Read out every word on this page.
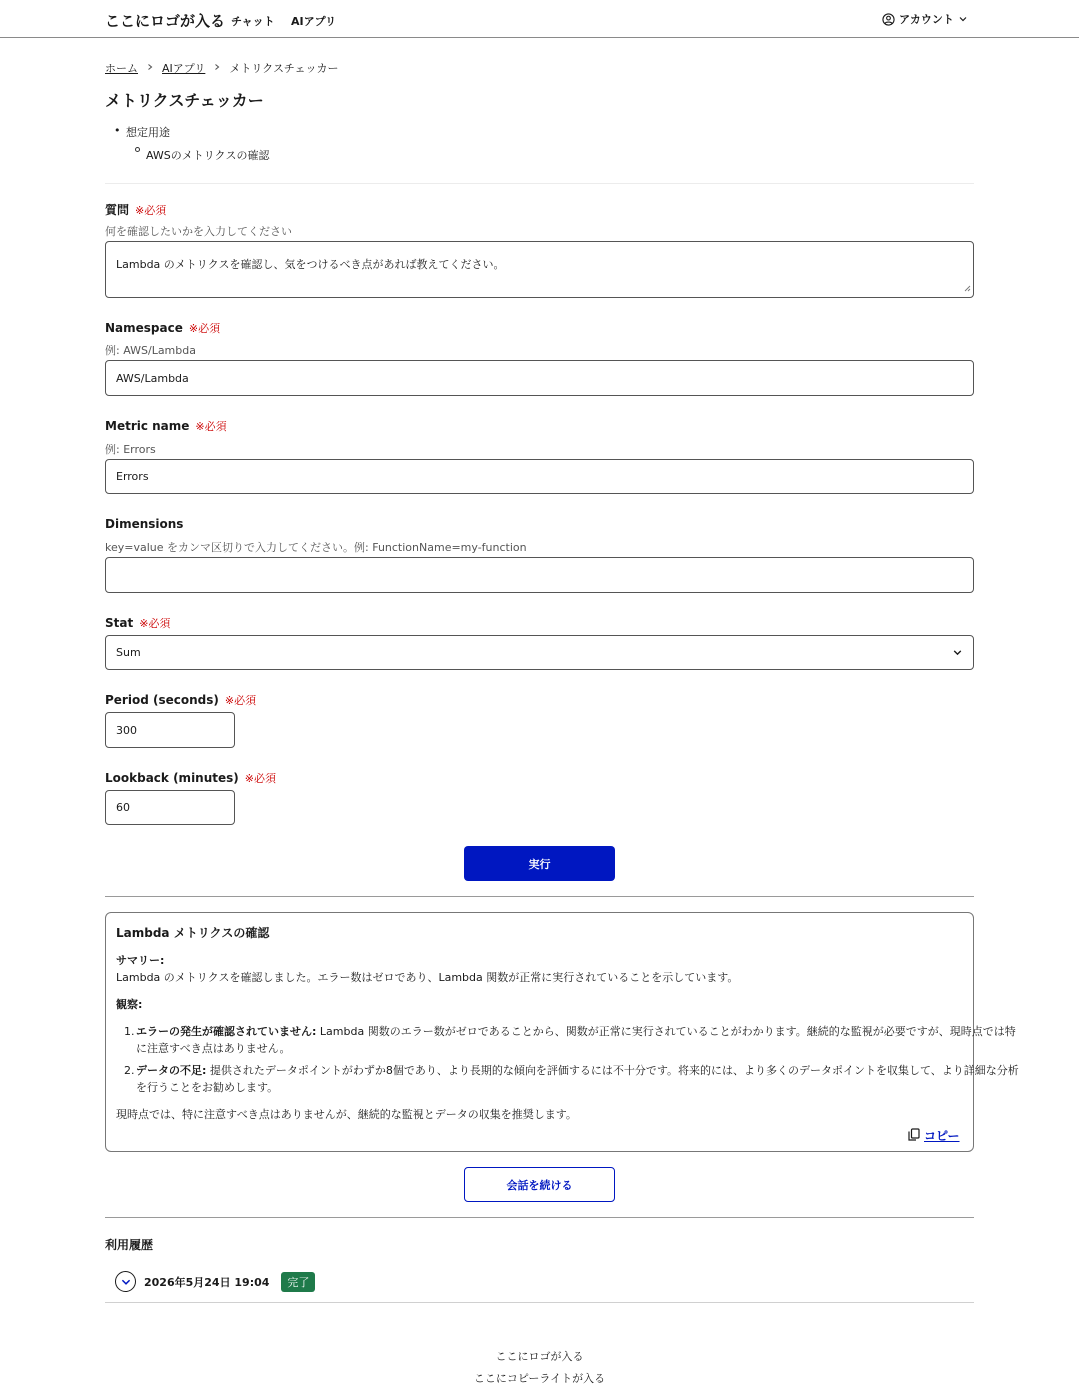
ここにロゴが入る チャット AIアプリ	アカウント
ホーム AIアプリ メトリクスチェッカー
メトリクスチェッカー
• 想定用途
AWSのメトリクスの確認
質問 ※必須
何を確認したいかを入力してください
Lambda のメトリクスを確認し、気をつけるべき点があれば教えてください。
Namespace ※必須
例: AWS/Lambda
AWS/Lambda
Metric name ※必須
例: Errors
Errors
Dimensions
key=value をカンマ区切りで入力してください。例: FunctionName=my-function
Stat ※必須
Sum
Period (seconds) ※必須
300
Lookback (minutes) ※必須
60
実行
Lambda メトリクスの確認
サマリー:
Lambda のメトリクスを確認しました。エラー数はゼロであり、Lambda 関数が正常に実行されていることを示しています。
観察:
1. エラーの発生が確認されていません: Lambda 関数のエラー数がゼロであることから、関数が正常に実行されていることがわかります。継続的な監視が必要ですが、現時点では特
に注意すべき点はありません。
2. データの不足: 提供されたデータポイントがわずか8個であり、より長期的な傾向を評価するには不十分です。将来的には、より多くのデータポイントを収集して、より詳細な分析
を行うことをお勧めします。
現時点では、特に注意すべき点はありませんが、継続的な監視とデータの収集を推奨します。
コピー
会話を続ける
利用履歴
2026年5月24日 19:04	完了
ここにロゴが入る
ここにコピーライトが入る
